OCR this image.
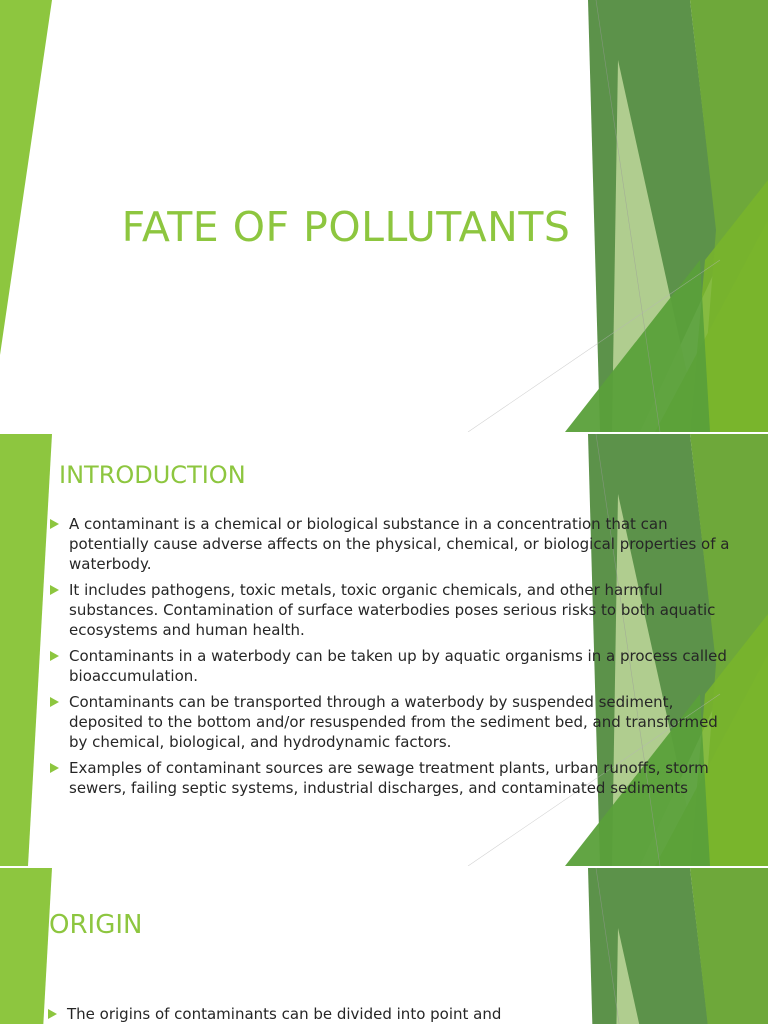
FATE OF POLLUTANTS
INTRODUCTION
A contaminant is a chemical or biological substance in a concentration that can potentially cause adverse affects on the physical, chemical, or biological properties of a waterbody.
It includes pathogens, toxic metals, toxic organic chemicals, and other harmful substances. Contamination of surface waterbodies poses serious risks to both aquatic ecosystems and human health.
Contaminants in a waterbody can be taken up by aquatic organisms in a process called bioaccumulation.
Contaminants can be transported through a waterbody by suspended sediment, deposited to the bottom and/or resuspended from the sediment bed, and transformed by chemical, biological, and hydrodynamic factors.
Examples of contaminant sources are sewage treatment plants, urban runoffs, storm sewers, failing septic systems, industrial discharges, and contaminated sediments
ORIGIN
The origins of contaminants can be divided into point and
